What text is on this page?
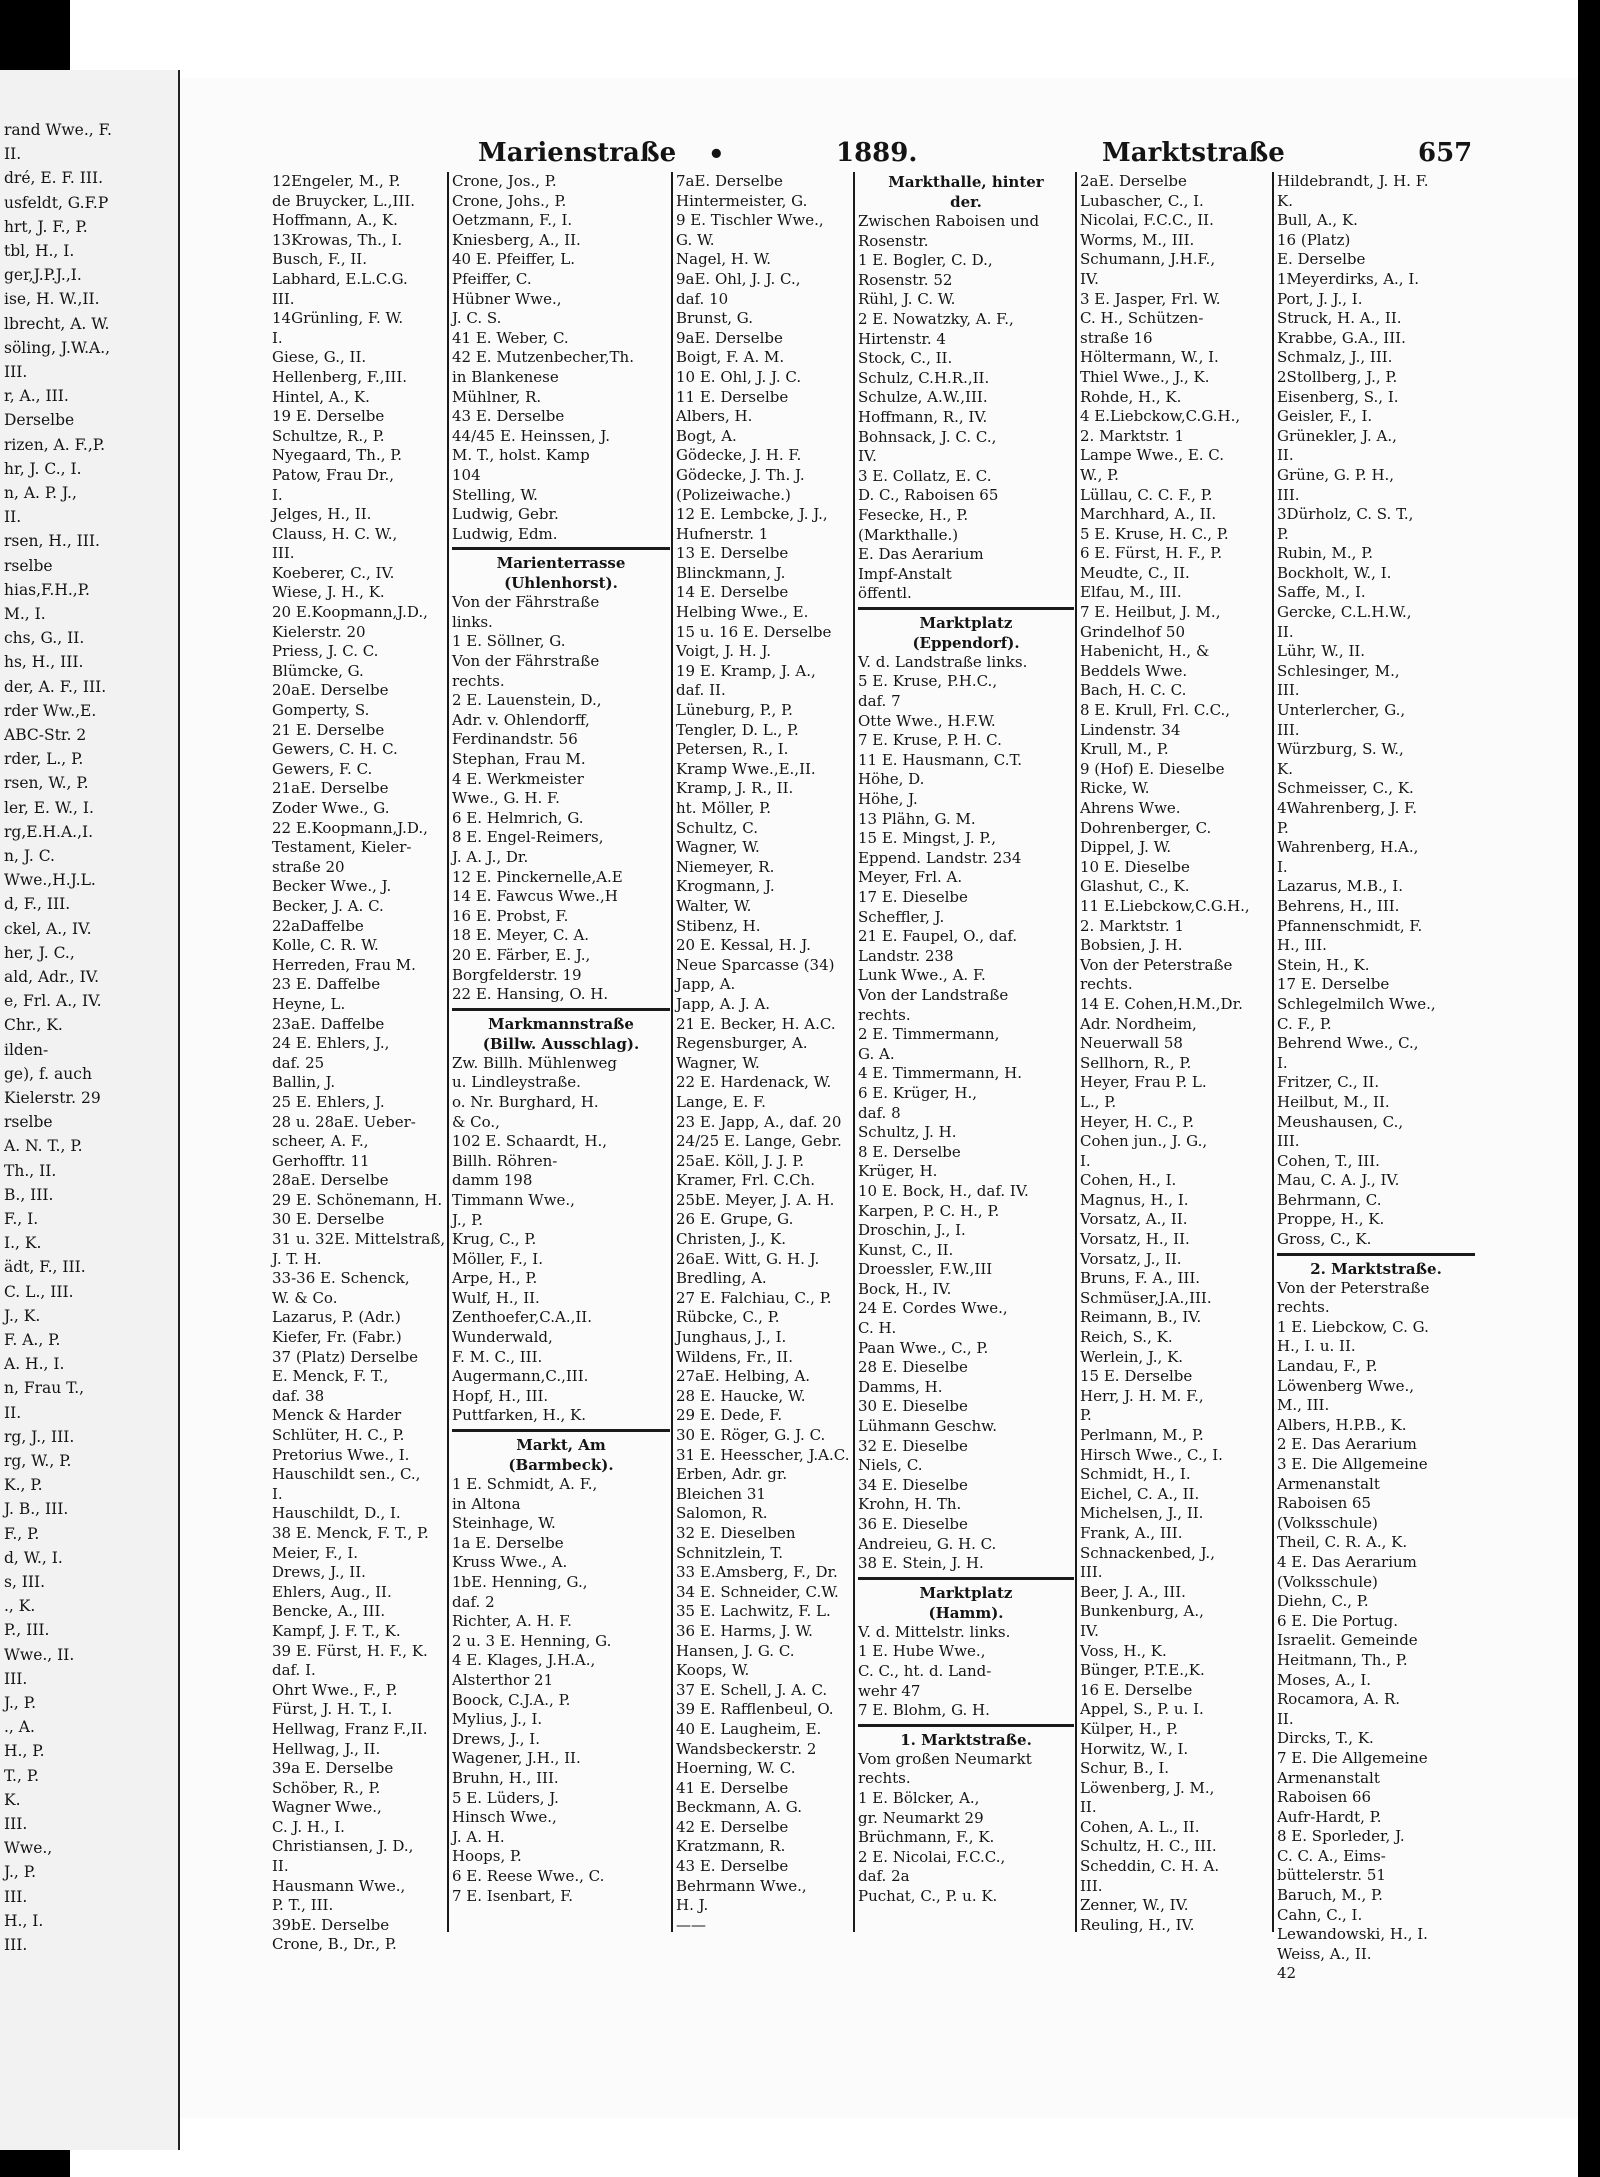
rand Wwe., F.
II.
dré, E. F. III.
usfeldt, G.F.P
hrt, J. F., P.
tbl, H., I.
ger,J.P.J.,I.
ise, H. W.,II.
lbrecht, A. W.
söling, J.W.A.,
III.
r, A., III.
Derselbe
rizen, A. F.,P.
hr, J. C., I.
n, A. P. J.,
II.
rsen, H., III.
rselbe
hias,F.H.,P.
M., I.
chs, G., II.
hs, H., III.
der, A. F., III.
rder Ww.,E.
ABC-Str. 2
rder, L., P.
rsen, W., P.
ler, E. W., I.
rg,E.H.A.,I.
n, J. C.
Wwe.,H.J.L.
d, F., III.
ckel, A., IV.
her, J. C.,
ald, Adr., IV.
e, Frl. A., IV.
Chr., K.
ilden-
ge), f. auch
Kielerstr. 29
rselbe
A. N. T., P.
Th., II.
B., III.
F., I.
I., K.
ädt, F., III.
C. L., III.
J., K.
F. A., P.
A. H., I.
n, Frau T.,
II.
rg, J., III.
rg, W., P.
K., P.
J. B., III.
F., P.
d, W., I.
s, III.
., K.
P., III.
Wwe., II.
III.
J., P.
., A.
H., P.
T., P.
K.
III.
Wwe.,
J., P.
III.
H., I.
III.
Marienstraße •	1889.	Marktstraße	657
12Engeler, M., P.
de Bruycker, L.,III.
Hoffmann, A., K.
13Krowas, Th., I.
Busch, F., II.
Labhard, E.L.C.G.
III.
14Grünling, F. W.
I.
Giese, G., II.
Hellenberg, F.,III.
Hintel, A., K.
19 E. Derselbe
Schultze, R., P.
Nyegaard, Th., P.
Patow, Frau Dr.,
I.
Jelges, H., II.
Clauss, H. C. W.,
III.
Koeberer, C., IV.
Wiese, J. H., K.
20 E.Koopmann,J.D.,
Kielerstr. 20
Priess, J. C. C.
Blümcke, G.
20aE. Derselbe
Gomperty, S.
21 E. Derselbe
Gewers, C. H. C.
Gewers, F. C.
21aE. Derselbe
Zoder Wwe., G.
22 E.Koopmann,J.D.,
Testament, Kieler-
straße 20
Becker Wwe., J.
Becker, J. A. C.
22aDaffelbe
Kolle, C. R. W.
Herreden, Frau M.
23 E. Daffelbe
Heyne, L.
23aE. Daffelbe
24 E. Ehlers, J.,
daf. 25
Ballin, J.
25 E. Ehlers, J.
28 u. 28aE. Ueber-
scheer, A. F.,
Gerhofftr. 11
28aE. Derselbe
29 E. Schönemann, H.
30 E. Derselbe
31 u. 32E. Mittelstraß,
J. T. H.
33-36 E. Schenck,
W. & Co.
Lazarus, P. (Adr.)
Kiefer, Fr. (Fabr.)
37 (Platz) Derselbe
E. Menck, F. T.,
daf. 38
Menck & Harder
Schlüter, H. C., P.
Pretorius Wwe., I.
Hauschildt sen., C.,
I.
Hauschildt, D., I.
38 E. Menck, F. T., P.
Meier, F., I.
Drews, J., II.
Ehlers, Aug., II.
Bencke, A., III.
Kampf, J. F. T., K.
39 E. Fürst, H. F., K.
daf. I.
Ohrt Wwe., F., P.
Fürst, J. H. T., I.
Hellwag, Franz F.,II.
Hellwag, J., II.
39a E. Derselbe
Schöber, R., P.
Wagner Wwe.,
C. J. H., I.
Christiansen, J. D.,
II.
Hausmann Wwe.,
P. T., III.
39bE. Derselbe
Crone, B., Dr., P.
Crone, Jos., P.
Crone, Johs., P.
Oetzmann, F., I.
Kniesberg, A., II.
40 E. Pfeiffer, L.
Pfeiffer, C.
Hübner Wwe.,
J. C. S.
41 E. Weber, C.
42 E. Mutzenbecher,Th.
in Blankenese
Mühlner, R.
43 E. Derselbe
44/45 E. Heinssen, J.
M. T., holst. Kamp
104
Stelling, W.
Ludwig, Gebr.
Ludwig, Edm.
Marienterrasse
(Uhlenhorst).
Von der Fährstraße
links.
1 E. Söllner, G.
Von der Fährstraße
rechts.
2 E. Lauenstein, D.,
Adr. v. Ohlendorff,
Ferdinandstr. 56
Stephan, Frau M.
4 E. Werkmeister
Wwe., G. H. F.
6 E. Helmrich, G.
8 E. Engel-Reimers,
J. A. J., Dr.
12 E. Pinckernelle,A.E
14 E. Fawcus Wwe.,H
16 E. Probst, F.
18 E. Meyer, C. A.
20 E. Färber, E. J.,
Borgfelderstr. 19
22 E. Hansing, O. H.
Markmannstraße
(Billw. Ausschlag).
Zw. Billh. Mühlenweg
u. Lindleystraße.
o. Nr. Burghard, H.
& Co.,
102 E. Schaardt, H.,
Billh. Röhren-
damm 198
Timmann Wwe.,
J., P.
Krug, C., P.
Möller, F., I.
Arpe, H., P.
Wulf, H., II.
Zenthoefer,C.A.,II.
Wunderwald,
F. M. C., III.
Augermann,C.,III.
Hopf, H., III.
Puttfarken, H., K.
Markt, Am
(Barmbeck).
1 E. Schmidt, A. F.,
in Altona
Steinhage, W.
1a E. Derselbe
Kruss Wwe., A.
1bE. Henning, G.,
daf. 2
Richter, A. H. F.
2 u. 3 E. Henning, G.
4 E. Klages, J.H.A.,
Alsterthor 21
Boock, C.J.A., P.
Mylius, J., I.
Drews, J., I.
Wagener, J.H., II.
Bruhn, H., III.
5 E. Lüders, J.
Hinsch Wwe.,
J. A. H.
Hoops, P.
6 E. Reese Wwe., C.
7 E. Isenbart, F.
7aE. Derselbe
Hintermeister, G.
9 E. Tischler Wwe.,
G. W.
Nagel, H. W.
9aE. Ohl, J. J. C.,
daf. 10
Brunst, G.
9aE. Derselbe
Boigt, F. A. M.
10 E. Ohl, J. J. C.
11 E. Derselbe
Albers, H.
Bogt, A.
Gödecke, J. H. F.
Gödecke, J. Th. J.
(Polizeiwache.)
12 E. Lembcke, J. J.,
Hufnerstr. 1
13 E. Derselbe
Blinckmann, J.
14 E. Derselbe
Helbing Wwe., E.
15 u. 16 E. Derselbe
Voigt, J. H. J.
19 E. Kramp, J. A.,
daf. II.
Lüneburg, P., P.
Tengler, D. L., P.
Petersen, R., I.
Kramp Wwe.,E.,II.
Kramp, J. R., II.
ht. Möller, P.
Schultz, C.
Wagner, W.
Niemeyer, R.
Krogmann, J.
Walter, W.
Stibenz, H.
20 E. Kessal, H. J.
Neue Sparcasse (34)
Japp, A.
Japp, A. J. A.
21 E. Becker, H. A.C.
Regensburger, A.
Wagner, W.
22 E. Hardenack, W.
Lange, E. F.
23 E. Japp, A., daf. 20
24/25 E. Lange, Gebr.
25aE. Köll, J. J. P.
Kramer, Frl. C.Ch.
25bE. Meyer, J. A. H.
26 E. Grupe, G.
Christen, J., K.
26aE. Witt, G. H. J.
Bredling, A.
27 E. Falchiau, C., P.
Rübcke, C., P.
Junghaus, J., I.
Wildens, Fr., II.
27aE. Helbing, A.
28 E. Haucke, W.
29 E. Dede, F.
30 E. Röger, G. J. C.
31 E. Heesscher, J.A.C.
Erben, Adr. gr.
Bleichen 31
Salomon, R.
32 E. Dieselben
Schnitzlein, T.
33 E.Amsberg, F., Dr.
34 E. Schneider, C.W.
35 E. Lachwitz, F. L.
36 E. Harms, J. W.
Hansen, J. G. C.
Koops, W.
37 E. Schell, J. A. C.
39 E. Rafflenbeul, O.
40 E. Laugheim, E.
Wandsbeckerstr. 2
Hoerning, W. C.
41 E. Derselbe
Beckmann, A. G.
42 E. Derselbe
Kratzmann, R.
43 E. Derselbe
Behrmann Wwe.,
H. J.
——
Markthalle, hinter
der.
Zwischen Raboisen und
Rosenstr.
1 E. Bogler, C. D.,
Rosenstr. 52
Rühl, J. C. W.
2 E. Nowatzky, A. F.,
Hirtenstr. 4
Stock, C., II.
Schulz, C.H.R.,II.
Schulze, A.W.,III.
Hoffmann, R., IV.
Bohnsack, J. C. C.,
IV.
3 E. Collatz, E. C.
D. C., Raboisen 65
Fesecke, H., P.
(Markthalle.)
E. Das Aerarium
Impf-Anstalt
öffentl.
Marktplatz
(Eppendorf).
V. d. Landstraße links.
5 E. Kruse, P.H.C.,
daf. 7
Otte Wwe., H.F.W.
7 E. Kruse, P. H. C.
11 E. Hausmann, C.T.
Höhe, D.
Höhe, J.
13 Plähn, G. M.
15 E. Mingst, J. P.,
Eppend. Landstr. 234
Meyer, Frl. A.
17 E. Dieselbe
Scheffler, J.
21 E. Faupel, O., daf.
Landstr. 238
Lunk Wwe., A. F.
Von der Landstraße
rechts.
2 E. Timmermann,
G. A.
4 E. Timmermann, H.
6 E. Krüger, H.,
daf. 8
Schultz, J. H.
8 E. Derselbe
Krüger, H.
10 E. Bock, H., daf. IV.
Karpen, P. C. H., P.
Droschin, J., I.
Kunst, C., II.
Droessler, F.W.,III
Bock, H., IV.
24 E. Cordes Wwe.,
C. H.
Paan Wwe., C., P.
28 E. Dieselbe
Damms, H.
30 E. Dieselbe
Lühmann Geschw.
32 E. Dieselbe
Niels, C.
34 E. Dieselbe
Krohn, H. Th.
36 E. Dieselbe
Andreieu, G. H. C.
38 E. Stein, J. H.
Marktplatz
(Hamm).
V. d. Mittelstr. links.
1 E. Hube Wwe.,
C. C., ht. d. Land-
wehr 47
7 E. Blohm, G. H.
1. Marktstraße.
Vom großen Neumarkt
rechts.
1 E. Bölcker, A.,
gr. Neumarkt 29
Brüchmann, F., K.
2 E. Nicolai, F.C.C.,
daf. 2a
Puchat, C., P. u. K.
2aE. Derselbe
Lubascher, C., I.
Nicolai, F.C.C., II.
Worms, M., III.
Schumann, J.H.F.,
IV.
3 E. Jasper, Frl. W.
C. H., Schützen-
straße 16
Höltermann, W., I.
Thiel Wwe., J., K.
Rohde, H., K.
4 E.Liebckow,C.G.H.,
2. Marktstr. 1
Lampe Wwe., E. C.
W., P.
Lüllau, C. C. F., P.
Marchhard, A., II.
5 E. Kruse, H. C., P.
6 E. Fürst, H. F., P.
Meudte, C., II.
Elfau, M., III.
7 E. Heilbut, J. M.,
Grindelhof 50
Habenicht, H., &
Beddels Wwe.
Bach, H. C. C.
8 E. Krull, Frl. C.C.,
Lindenstr. 34
Krull, M., P.
9 (Hof) E. Dieselbe
Ricke, W.
Ahrens Wwe.
Dohrenberger, C.
Dippel, J. W.
10 E. Dieselbe
Glashut, C., K.
11 E.Liebckow,C.G.H.,
2. Marktstr. 1
Bobsien, J. H.
Von der Peterstraße
rechts.
14 E. Cohen,H.M.,Dr.
Adr. Nordheim,
Neuerwall 58
Sellhorn, R., P.
Heyer, Frau P. L.
L., P.
Heyer, H. C., P.
Cohen jun., J. G.,
I.
Cohen, H., I.
Magnus, H., I.
Vorsatz, A., II.
Vorsatz, H., II.
Vorsatz, J., II.
Bruns, F. A., III.
Schmüser,J.A.,III.
Reimann, B., IV.
Reich, S., K.
Werlein, J., K.
15 E. Derselbe
Herr, J. H. M. F.,
P.
Perlmann, M., P.
Hirsch Wwe., C., I.
Schmidt, H., I.
Eichel, C. A., II.
Michelsen, J., II.
Frank, A., III.
Schnackenbed, J.,
III.
Beer, J. A., III.
Bunkenburg, A.,
IV.
Voss, H., K.
Bünger, P.T.E.,K.
16 E. Derselbe
Appel, S., P. u. I.
Külper, H., P.
Horwitz, W., I.
Schur, B., I.
Löwenberg, J. M.,
II.
Cohen, A. L., II.
Schultz, H. C., III.
Scheddin, C. H. A.
III.
Zenner, W., IV.
Reuling, H., IV.
Hildebrandt, J. H. F.
K.
Bull, A., K.
16 (Platz)
E. Derselbe
1Meyerdirks, A., I.
Port, J. J., I.
Struck, H. A., II.
Krabbe, G.A., III.
Schmalz, J., III.
2Stollberg, J., P.
Eisenberg, S., I.
Geisler, F., I.
Grünekler, J. A.,
II.
Grüne, G. P. H.,
III.
3Dürholz, C. S. T.,
P.
Rubin, M., P.
Bockholt, W., I.
Saffe, M., I.
Gercke, C.L.H.W.,
II.
Lühr, W., II.
Schlesinger, M.,
III.
Unterlercher, G.,
III.
Würzburg, S. W.,
K.
Schmeisser, C., K.
4Wahrenberg, J. F.
P.
Wahrenberg, H.A.,
I.
Lazarus, M.B., I.
Behrens, H., III.
Pfannenschmidt, F.
H., III.
Stein, H., K.
17 E. Derselbe
Schlegelmilch Wwe.,
C. F., P.
Behrend Wwe., C.,
I.
Fritzer, C., II.
Heilbut, M., II.
Meushausen, C.,
III.
Cohen, T., III.
Mau, C. A. J., IV.
Behrmann, C.
Proppe, H., K.
Gross, C., K.
2. Marktstraße.
Von der Peterstraße
rechts.
1 E. Liebckow, C. G.
H., I. u. II.
Landau, F., P.
Löwenberg Wwe.,
M., III.
Albers, H.P.B., K.
2 E. Das Aerarium
3 E. Die Allgemeine
Armenanstalt
Raboisen 65
(Volksschule)
Theil, C. R. A., K.
4 E. Das Aerarium
(Volksschule)
Diehn, C., P.
6 E. Die Portug.
Israelit. Gemeinde
Heitmann, Th., P.
Moses, A., I.
Rocamora, A. R.
II.
Dircks, T., K.
7 E. Die Allgemeine
Armenanstalt
Raboisen 66
Aufr-Hardt, P.
8 E. Sporleder, J.
C. C. A., Eims-
büttelerstr. 51
Baruch, M., P.
Cahn, C., I.
Lewandowski, H., I.
Weiss, A., II.
42
